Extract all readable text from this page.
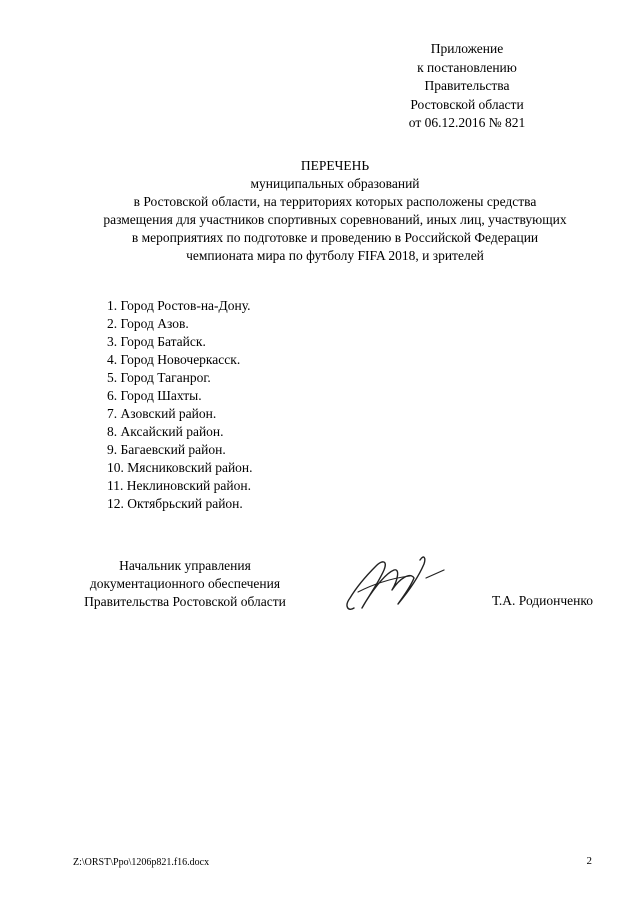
Приложение
к постановлению
Правительства
Ростовской области
от 06.12.2016 № 821
ПЕРЕЧЕНЬ
муниципальных образований
в Ростовской области, на территориях которых расположены средства
размещения для участников спортивных соревнований, иных лиц, участвующих
в мероприятиях по подготовке и проведению в Российской Федерации
чемпионата мира по футболу FIFA 2018, и зрителей
1. Город Ростов-на-Дону.
2. Город Азов.
3. Город Батайск.
4. Город Новочеркасск.
5. Город Таганрог.
6. Город Шахты.
7. Азовский район.
8. Аксайский район.
9. Багаевский район.
10. Мясниковский район.
11. Неклиновский район.
12. Октябрьский район.
Начальник управления
документационного обеспечения
Правительства Ростовской области	Т.А. Родионченко
Z:\ORST\Ppo\1206p821.f16.docx	2
